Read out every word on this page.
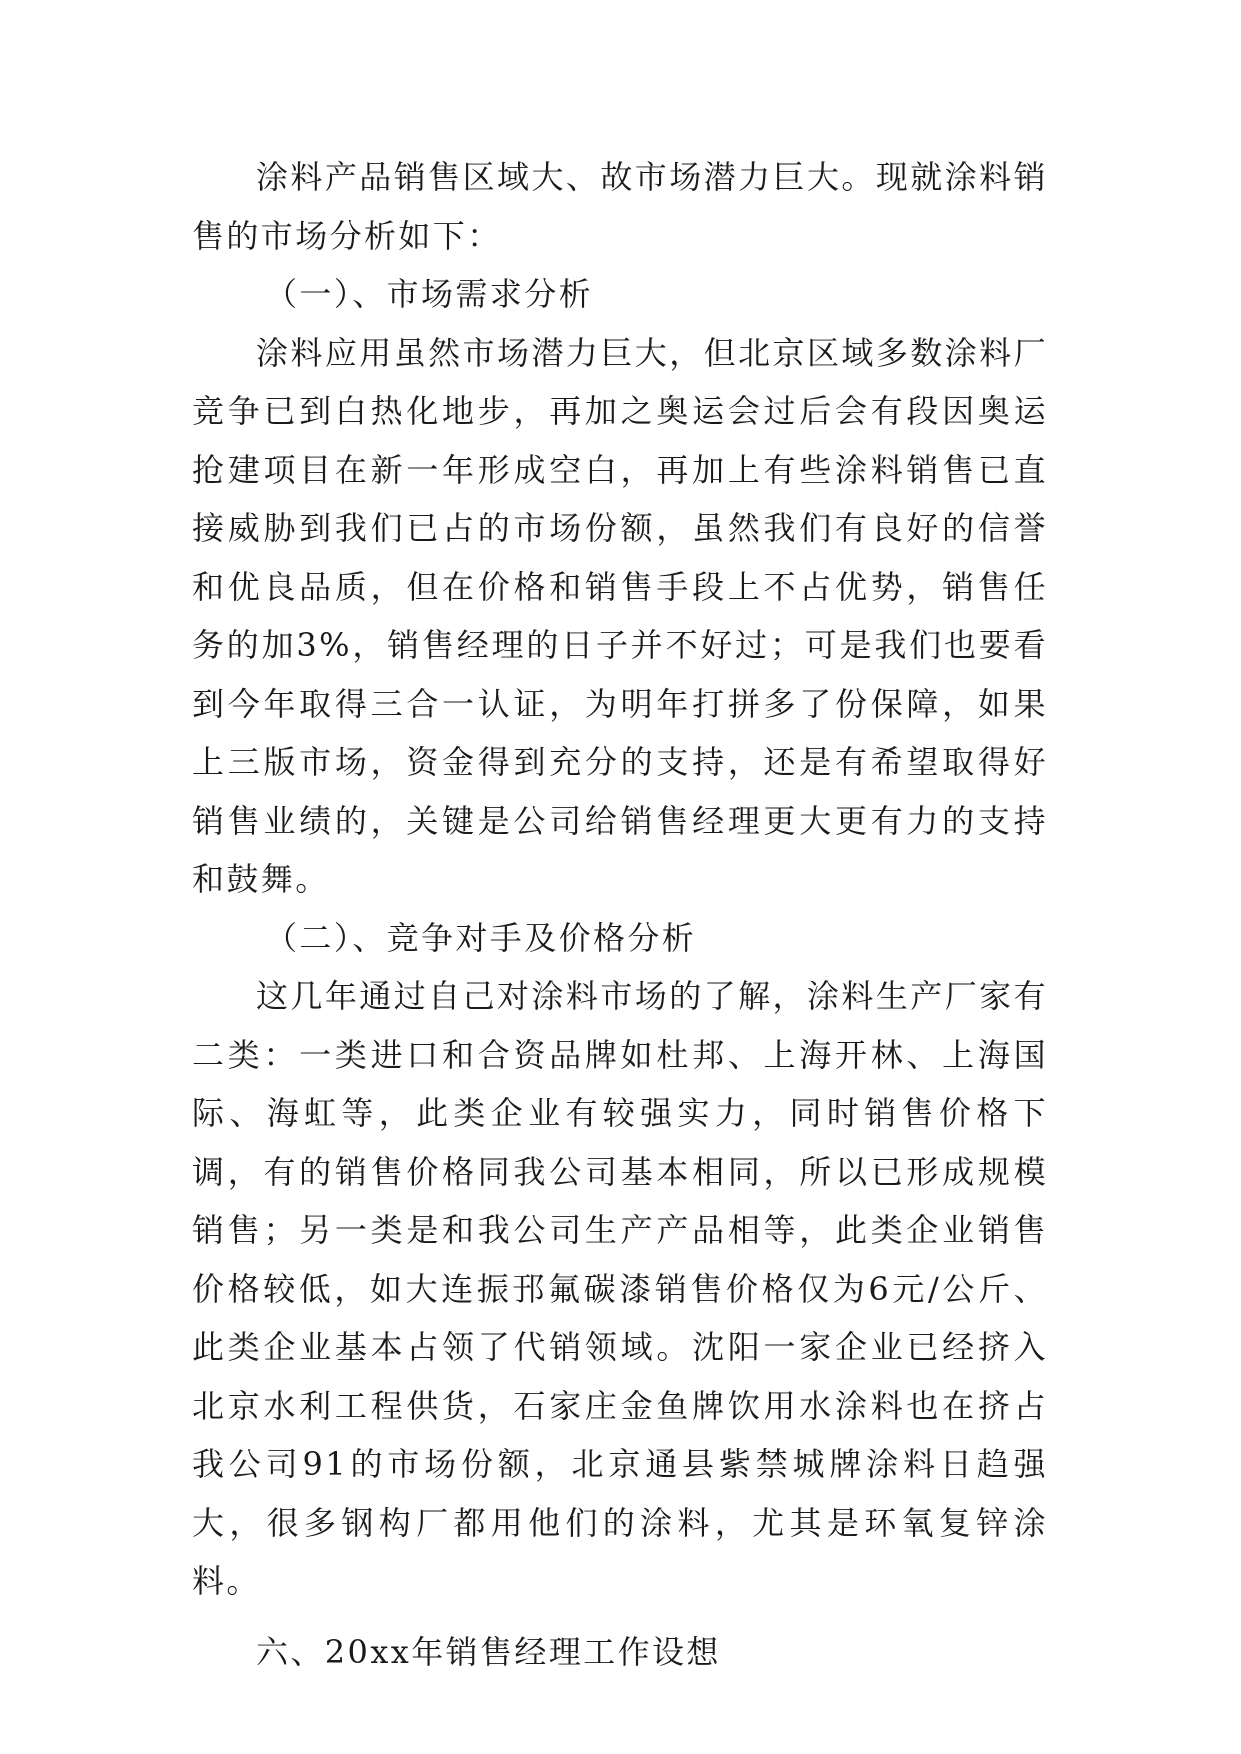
涂料产品销售区域大、故市场潜力巨大。现就涂料销售的市场分析如下：

（一）、市场需求分析

涂料应用虽然市场潜力巨大，但北京区域多数涂料厂竞争已到白热化地步，再加之奥运会过后会有段因奥运抢建项目在新一年形成空白，再加上有些涂料销售已直接威胁到我们已占的市场份额，虽然我们有良好的信誉和优良品质，但在价格和销售手段上不占优势，销售任务的加3%，销售经理的日子并不好过；可是我们也要看到今年取得三合一认证，为明年打拼多了份保障，如果上三版市场，资金得到充分的支持，还是有希望取得好销售业绩的，关键是公司给销售经理更大更有力的支持和鼓舞。

（二）、竞争对手及价格分析

这几年通过自己对涂料市场的了解，涂料生产厂家有二类：一类进口和合资品牌如杜邦、上海开林、上海国际、海虹等，此类企业有较强实力，同时销售价格下调，有的销售价格同我公司基本相同，所以已形成规模销售；另一类是和我公司生产产品相等，此类企业销售价格较低，如大连振邘氟碳漆销售价格仅为6元/公斤、此类企业基本占领了代销领域。沈阳一家企业已经挤入北京水利工程供货，石家庄金鱼牌饮用水涂料也在挤占我公司91的市场份额，北京通县紫禁城牌涂料日趋强大，很多钢构厂都用他们的涂料，尤其是环氧复锌涂料。

六、20xx年销售经理工作设想
